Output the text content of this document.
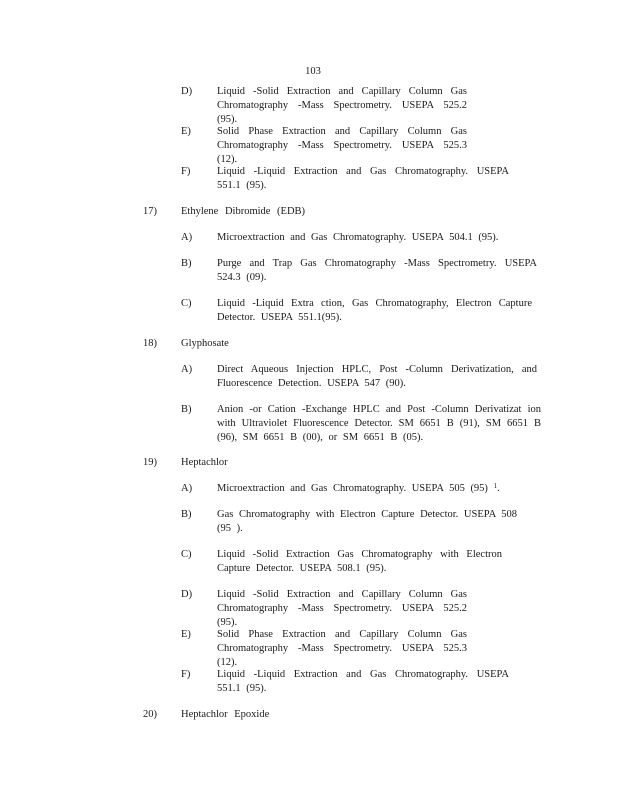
103
D) Liquid -Solid Extraction and Capillary Column Gas Chromatography -Mass Spectrometry. USEPA 525.2 (95).
E) Solid Phase Extraction and Capillary Column Gas Chromatography -Mass Spectrometry. USEPA 525.3 (12).
F)	Liquid -Liquid Extraction and Gas Chromatography. USEPA 551.1 (95).
17) Ethylene Dibromide (EDB)
A) Microextraction and Gas Chromatography. USEPA 504.1 (95).
B) Purge and Trap Gas Chromatography -Mass Spectrometry. USEPA 524.3 (09).
C) Liquid -Liquid Extra ction, Gas Chromatography, Electron Capture Detector. USEPA 551.1(95).
18) Glyphosate
A) Direct Aqueous Injection HPLC, Post -Column Derivatization, and Fluorescence Detection. USEPA 547 (90).
B) Anion -or Cation -Exchange HPLC and Post -Column Derivatizat ion with Ultraviolet Fluorescence Detector. SM 6651 B (91), SM 6651 B (96), SM 6651 B (00), or SM 6651 B (05).
19) Heptachlor
A) Microextraction and Gas Chromatography. USEPA 505 (95) $^1$.
B) Gas Chromatography with Electron Capture Detector. USEPA 508 (95 ).
C) Liquid -Solid Extraction Gas Chromatography with Electron Capture Detector. USEPA 508.1 (95).
D) Liquid -Solid Extraction and Capillary Column Gas Chromatography -Mass Spectrometry. USEPA 525.2 (95).
E) Solid Phase Extraction and Capillary Column Gas Chromatography -Mass Spectrometry. USEPA 525.3 (12).
F)	Liquid -Liquid Extraction and Gas Chromatography. USEPA 551.1 (95).
20) Heptachlor Epoxide
